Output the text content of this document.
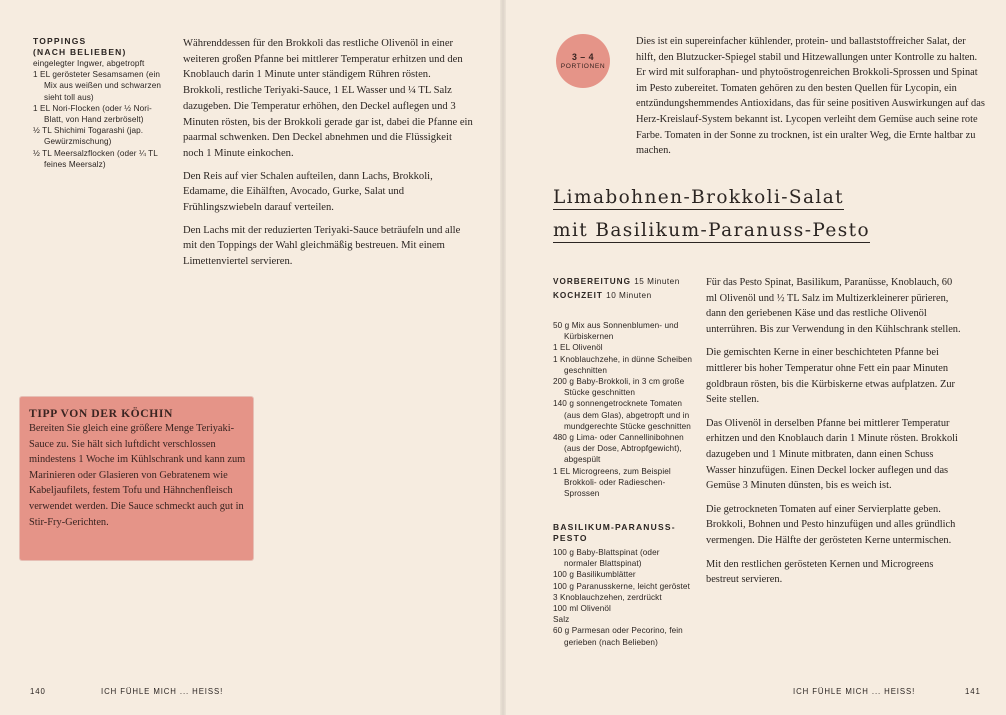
TOPPINGS
(NACH BELIEBEN)
eingelegter Ingwer, abgetropft
1 EL gerösteter Sesamsamen (ein Mix aus weißen und schwarzen sieht toll aus)
1 EL Nori-Flocken (oder ½ Nori-Blatt, von Hand zerbröselt)
½ TL Shichimi Togarashi (jap. Gewürzmischung)
½ TL Meersalzflocken (oder ¼ TL feines Meersalz)

Währenddessen für den Brokkoli das restliche Olivenöl in einer weiteren großen Pfanne bei mittlerer Temperatur erhitzen und den Knoblauch darin 1 Minute unter ständigem Rühren rösten. Brokkoli, restliche Teriyaki-Sauce, 1 EL Wasser und ¼ TL Salz dazugeben. Die Temperatur erhöhen, den Deckel auflegen und 3 Minuten rösten, bis der Brokkoli gerade gar ist, dabei die Pfanne ein paarmal schwenken. Den Deckel abnehmen und die Flüssigkeit noch 1 Minute einkochen.

Den Reis auf vier Schalen aufteilen, dann Lachs, Brokkoli, Edamame, die Eihälften, Avocado, Gurke, Salat und Frühlingszwiebeln darauf verteilen.

Den Lachs mit der reduzierten Teriyaki-Sauce beträufeln und alle mit den Toppings der Wahl gleichmäßig bestreuen. Mit einem Limettenviertel servieren.

TIPP VON DER KÖCHIN
Bereiten Sie gleich eine größere Menge Teriyaki-Sauce zu. Sie hält sich luftdicht verschlossen mindestens 1 Woche im Kühlschrank und kann zum Marinieren oder Glasieren von Gebratenem wie Kabeljaufilets, festem Tofu und Hähnchenfleisch verwendet werden. Die Sauce schmeckt auch gut in Stir-Fry-Gerichten.
140	ICH FÜHLE MICH ... HEISS!
3 – 4
PORTIONEN
Dies ist ein supereinfacher kühlender, protein- und ballaststoffreicher Salat, der hilft, den Blutzucker-Spiegel stabil und Hitzewallungen unter Kontrolle zu halten. Er wird mit sulforaphan- und phytoöstrogenreichen Brokkoli-Sprossen und Spinat im Pesto zubereitet. Tomaten gehören zu den besten Quellen für Lycopin, ein entzündungshemmendes Antioxidans, das für seine positiven Auswirkungen auf das Herz-Kreislauf-System bekannt ist. Lycopen verleiht dem Gemüse auch seine rote Farbe. Tomaten in der Sonne zu trocknen, ist ein uralter Weg, die Ernte haltbar zu machen.
Limabohnen-Brokkoli-Salat
mit Basilikum-Paranuss-Pesto
VORBEREITUNG 15 Minuten
KOCHZEIT 10 Minuten
50 g Mix aus Sonnenblumen- und Kürbiskernen
1 EL Olivenöl
1 Knoblauchzehe, in dünne Scheiben geschnitten
200 g Baby-Brokkoli, in 3 cm große Stücke geschnitten
140 g sonnengetrocknete Tomaten (aus dem Glas), abgetropft und in mundgerechte Stücke geschnitten
480 g Lima- oder Cannellinibohnen (aus der Dose, Abtropfgewicht), abgespült
1 EL Microgreens, zum Beispiel Brokkoli- oder Radieschen-Sprossen
BASILIKUM-PARANUSS-PESTO
100 g Baby-Blattspinat (oder normaler Blattspinat)
100 g Basilikumblätter
100 g Paranusskerne, leicht geröstet
3 Knoblauchzehen, zerdrückt
100 ml Olivenöl
Salz
60 g Parmesan oder Pecorino, fein gerieben (nach Belieben)

Für das Pesto Spinat, Basilikum, Paranüsse, Knoblauch, 60 ml Olivenöl und ½ TL Salz im Multizerkleinerer pürieren, dann den geriebenen Käse und das restliche Olivenöl unterrühren. Bis zur Verwendung in den Kühlschrank stellen.

Die gemischten Kerne in einer beschichteten Pfanne bei mittlerer bis hoher Temperatur ohne Fett ein paar Minuten goldbraun rösten, bis die Kürbiskerne etwas aufplatzen. Zur Seite stellen.

Das Olivenöl in derselben Pfanne bei mittlerer Temperatur erhitzen und den Knoblauch darin 1 Minute rösten. Brokkoli dazugeben und 1 Minute mitbraten, dann einen Schuss Wasser hinzufügen. Einen Deckel locker auflegen und das Gemüse 3 Minuten dünsten, bis es weich ist.

Die getrockneten Tomaten auf einer Servierplatte geben. Brokkoli, Bohnen und Pesto hinzufügen und alles gründlich vermengen. Die Hälfte der gerösteten Kerne untermischen.

Mit den restlichen gerösteten Kernen und Microgreens bestreut servieren.

ICH FÜHLE MICH ... HEISS!	141
